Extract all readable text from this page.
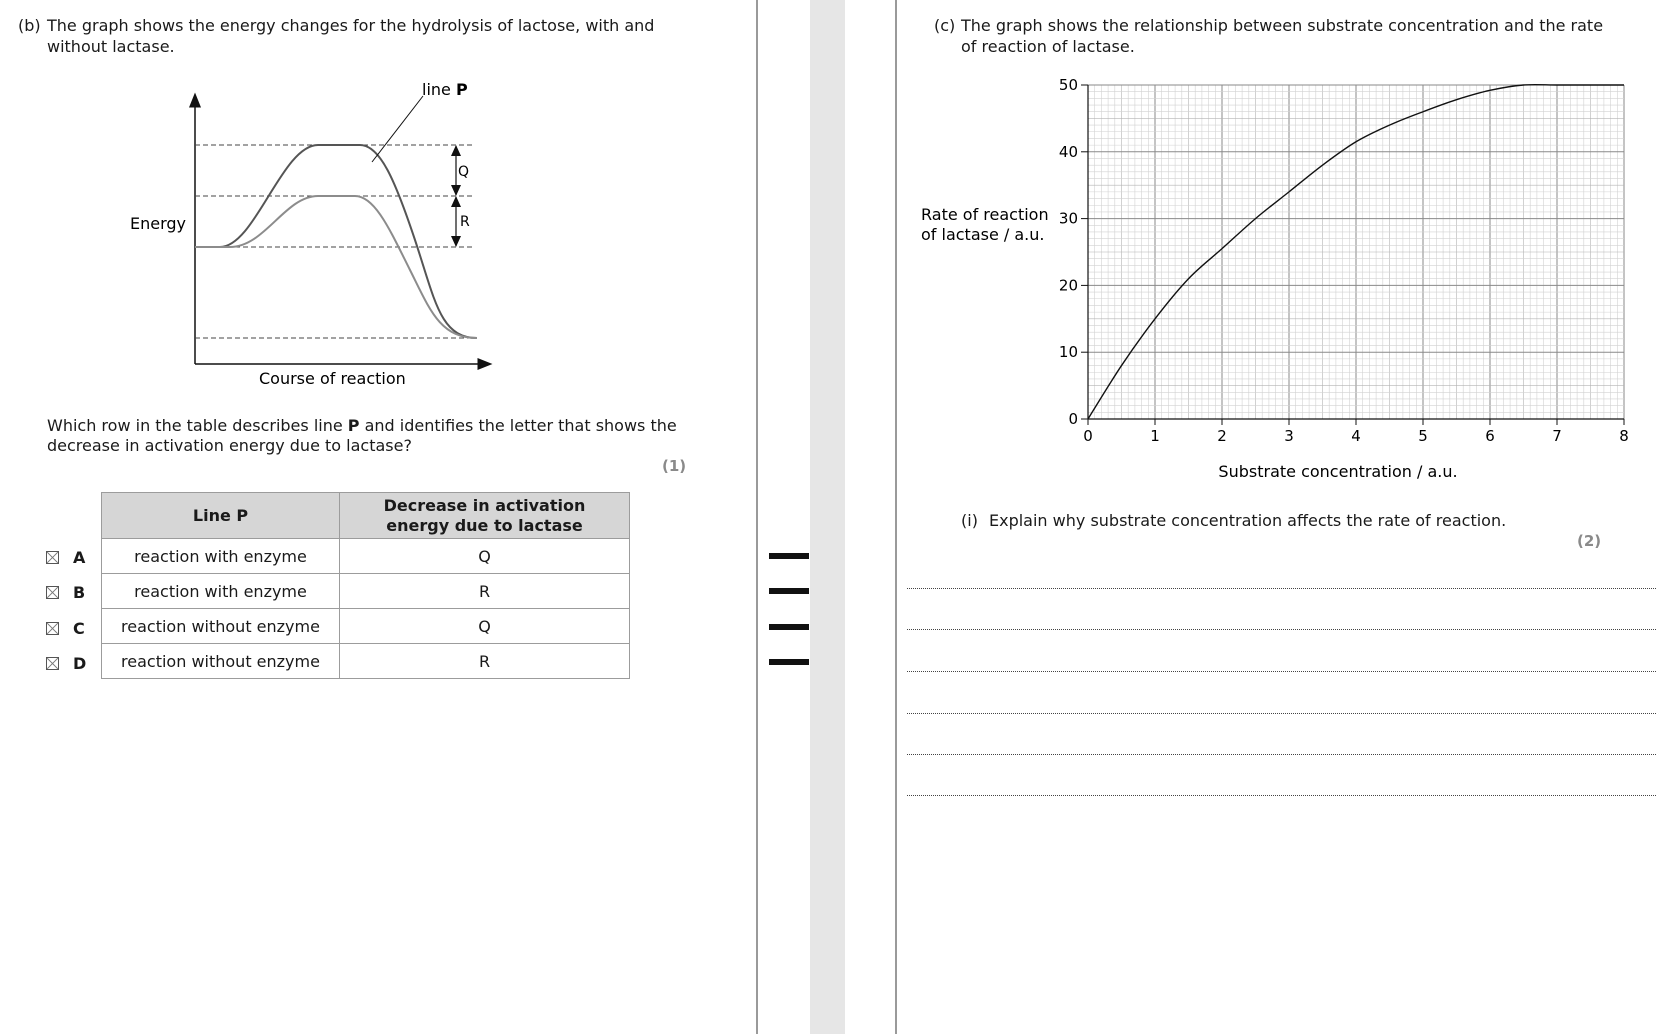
(b) The graph shows the energy changes for the hydrolysis of lactose, with and
without lactase.
line P
Q
R
Energy
Course of reaction
Which row in the table describes line P and identifies the letter that shows the
decrease in activation energy due to lactase?
(1)
Line P	Decrease in activation energy due to lactase
reaction with enzyme	Q
reaction with enzyme	R
reaction without enzyme	Q
reaction without enzyme	R
A
B
C
D
(c) The graph shows the relationship between substrate concentration and the rate
of reaction of lactase.
0	1	2	3	4	5	6	7	8
0
10
20
30
40
50
Rate of reaction
of lactase / a.u.
Substrate concentration / a.u.
(i) Explain why substrate concentration affects the rate of reaction.
(2)
